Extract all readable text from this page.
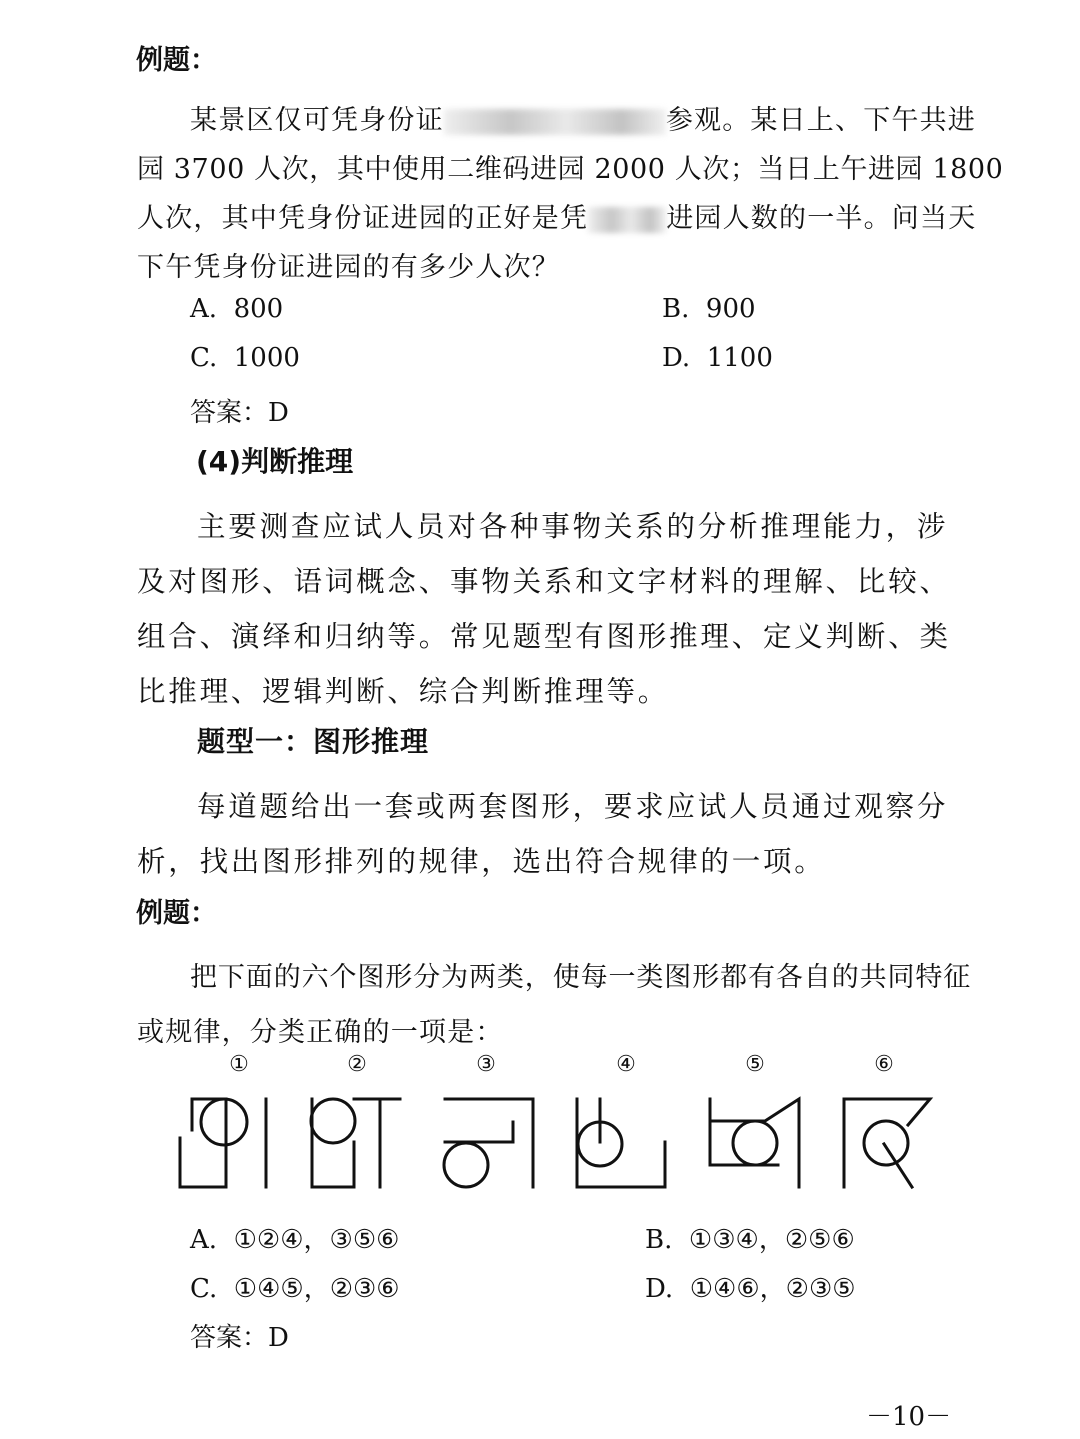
例题：
某景区仅可凭身份证	参观。某日上、下午共进
园 3700 人次，其中使用二维码进园 2000 人次；当日上午进园 1800
人次，其中凭身份证进园的正好是凭	进园人数的一半。问当天
下午凭身份证进园的有多少人次？
A. 800	B. 900
C. 1000	D. 1100
答案：D
(4)判断推理
主要测查应试人员对各种事物关系的分析推理能力，涉
及对图形、语词概念、事物关系和文字材料的理解、比较、
组合、演绎和归纳等。常见题型有图形推理、定义判断、类
比推理、逻辑判断、综合判断推理等。
题型一：图形推理
每道题给出一套或两套图形，要求应试人员通过观察分
析，找出图形排列的规律，选出符合规律的一项。
例题：
把下面的六个图形分为两类，使每一类图形都有各自的共同特征
或规律，分类正确的一项是：
①	②	③	④	⑤	⑥
A. ①②④，③⑤⑥	B. ①③④，②⑤⑥
C. ①④⑤，②③⑥	D. ①④⑥，②③⑤
答案：D
－10－
